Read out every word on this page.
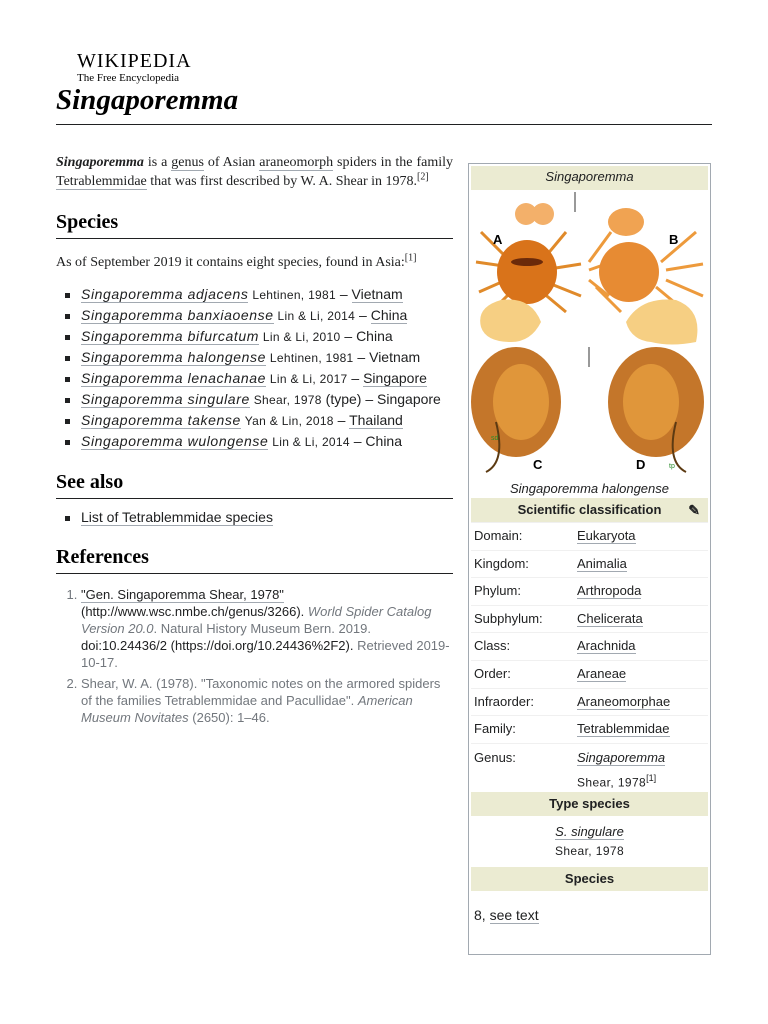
WIKIPEDIA
The Free Encyclopedia
Singaporemma

Singaporemma is a genus of Asian araneomorph spiders in the family Tetrablemmidae that was first described by W. A. Shear in 1978.[2]

Species

As of September 2019 it contains eight species, found in Asia:[1]

Singaporemma adjacens Lehtinen, 1981 – Vietnam
Singaporemma banxiaoense Lin & Li, 2014 – China
Singaporemma bifurcatum Lin & Li, 2010 – China
Singaporemma halongense Lehtinen, 1981 – Vietnam
Singaporemma lenachanae Lin & Li, 2017 – Singapore
Singaporemma singulare Shear, 1978 (type) – Singapore
Singaporemma takense Yan & Lin, 2018 – Thailand
Singaporemma wulongense Lin & Li, 2014 – China
See also
List of Tetrablemmidae species
References
1. "Gen. Singaporemma Shear, 1978" (http://www.wsc.nmbe.ch/genus/3266). World Spider Catalog Version 20.0. Natural History Museum Bern. 2019. doi:10.24436/2 (https://doi.org/10.24436%2F2). Retrieved 2019-10-17.
2. Shear, W. A. (1978). "Taxonomic notes on the armored spiders of the families Tetrablemmidae and Pacullidae". American Museum Novitates (2650): 1–46.
Singaporemma
A	B
C	D
sd
tp
Singaporemma halongense
Scientific classification ✎
Domain:	Eukaryota
Kingdom:	Animalia
Phylum:	Arthropoda
Subphylum:	Chelicerata
Class:	Arachnida
Order:	Araneae
Infraorder:	Araneomorphae
Family:	Tetrablemmidae
Genus:	Singaporemma
Shear, 1978[1]
Type species
S. singulare
Shear, 1978
Species
8, see text
